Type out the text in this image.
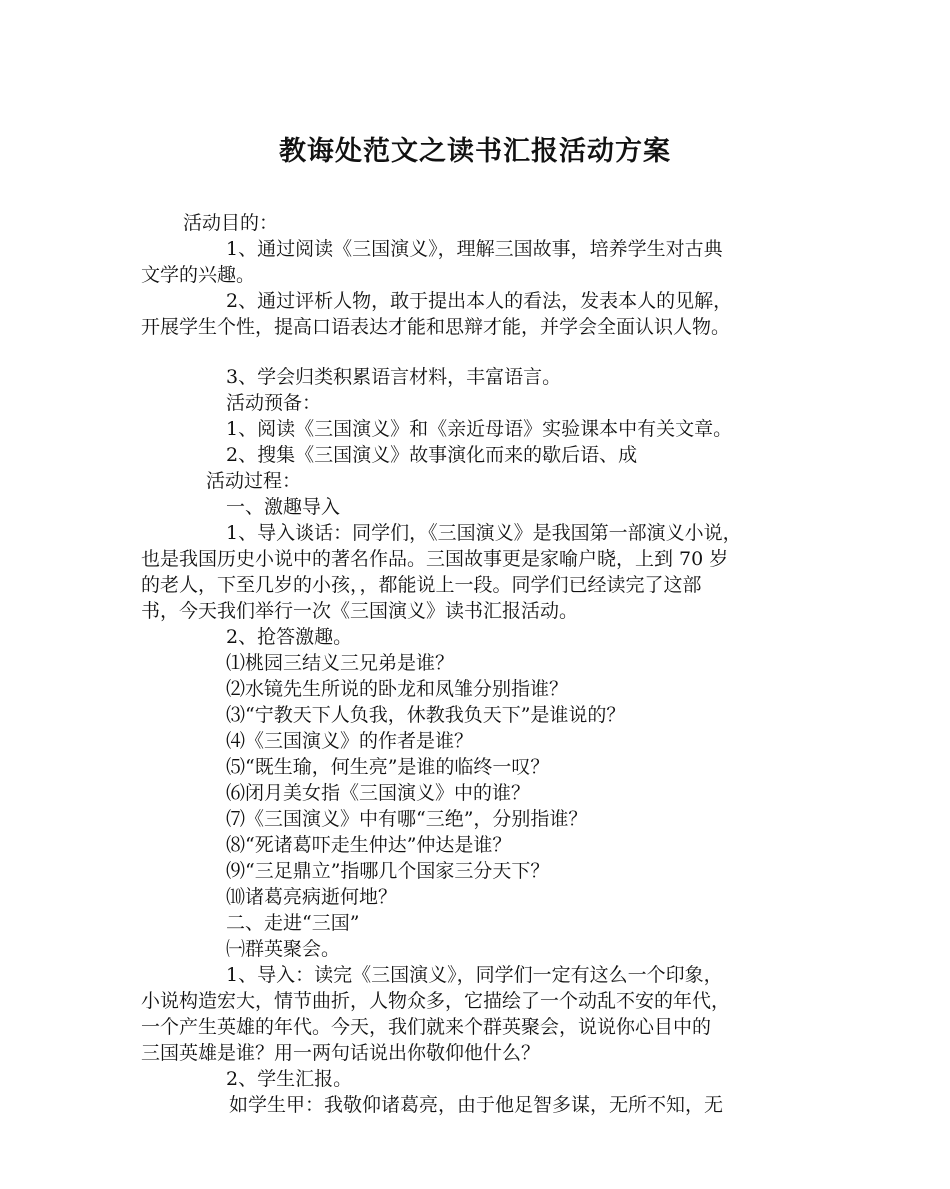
教诲处范文之读书汇报活动方案
活动目的：
1、通过阅读《三国演义》，理解三国故事，培养学生对古典
文学的兴趣。
2、通过评析人物，敢于提出本人的看法，发表本人的见解，
开展学生个性，提高口语表达才能和思辩才能，并学会全面认识人物。
3、学会归类积累语言材料，丰富语言。
活动预备：
1、阅读《三国演义》和《亲近母语》实验课本中有关文章。
2、搜集《三国演义》故事演化而来的歇后语、成
活动过程：
一、激趣导入
1、导入谈话：同学们，《三国演义》是我国第一部演义小说，
也是我国历史小说中的著名作品。三国故事更是家喻户晓，上到 70 岁
的老人，下至几岁的小孩，，都能说上一段。同学们已经读完了这部
书，今天我们举行一次《三国演义》读书汇报活动。
2、抢答激趣。
⑴桃园三结义三兄弟是谁？
⑵水镜先生所说的卧龙和凤雏分别指谁？
⑶“宁教天下人负我，休教我负天下”是谁说的？
⑷《三国演义》的作者是谁？
⑸“既生瑜，何生亮”是谁的临终一叹？
⑹闭月美女指《三国演义》中的谁？
⑺《三国演义》中有哪“三绝”，分别指谁？
⑻“死诸葛吓走生仲达”仲达是谁？
⑼“三足鼎立”指哪几个国家三分天下？
⑽诸葛亮病逝何地？
二、走进“三国”
㈠群英聚会。
1、导入：读完《三国演义》，同学们一定有这么一个印象，
小说构造宏大，情节曲折，人物众多，它描绘了一个动乱不安的年代，
一个产生英雄的年代。今天，我们就来个群英聚会，说说你心目中的
三国英雄是谁？用一两句话说出你敬仰他什么？
2、学生汇报。
如学生甲：我敬仰诸葛亮，由于他足智多谋，无所不知，无
